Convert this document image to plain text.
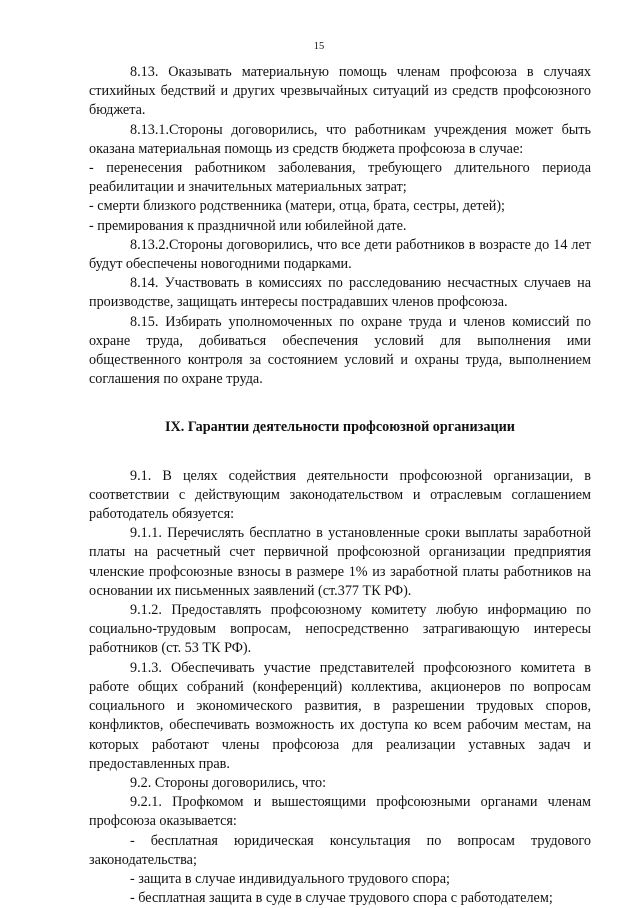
15

8.13. Оказывать материальную помощь членам профсоюза в случаях стихийных бедствий и других чрезвычайных ситуаций из средств профсоюзного бюджета.

8.13.1.Стороны договорились, что работникам учреждения может быть оказана материальная помощь из средств бюджета профсоюза в случае:

- перенесения работником заболевания, требующего длительного периода реабилитации и значительных материальных затрат;

- смерти близкого родственника (матери, отца, брата, сестры, детей);

- премирования к праздничной или юбилейной дате.

8.13.2.Стороны договорились, что все дети работников в возрасте до 14 лет будут обеспечены новогодними подарками.

8.14. Участвовать в комиссиях по расследованию несчастных случаев на производстве, защищать интересы пострадавших членов профсоюза.

8.15. Избирать уполномоченных по охране труда и членов комиссий по охране труда, добиваться обеспечения условий для выполнения ими общественного контроля за состоянием условий и охраны труда, выполнением соглашения по охране труда.

IX. Гарантии деятельности профсоюзной организации

9.1. В целях содействия деятельности профсоюзной организации, в соответствии с действующим законодательством и отраслевым соглашением работодатель обязуется:

9.1.1. Перечислять бесплатно в установленные сроки выплаты заработной платы на расчетный счет первичной профсоюзной организации предприятия членские профсоюзные взносы в размере 1% из заработной платы работников на основании их письменных заявлений (ст.377 ТК РФ).

9.1.2. Предоставлять профсоюзному комитету любую информацию по социально-трудовым вопросам, непосредственно затрагивающую интересы работников (ст. 53 ТК РФ).

9.1.3. Обеспечивать участие представителей профсоюзного комитета в работе общих собраний (конференций) коллектива, акционеров по вопросам социального и экономического развития, в разрешении трудовых споров, конфликтов, обеспечивать возможность их доступа ко всем рабочим местам, на которых работают члены профсоюза для реализации уставных задач и предоставленных прав.

9.2. Стороны договорились, что:

9.2.1. Профкомом и вышестоящими профсоюзными органами членам профсоюза оказывается:

- бесплатная юридическая консультация по вопросам трудового законодательства;

- защита в случае индивидуального трудового спора;

- бесплатная защита в суде в случае трудового спора с работодателем;
